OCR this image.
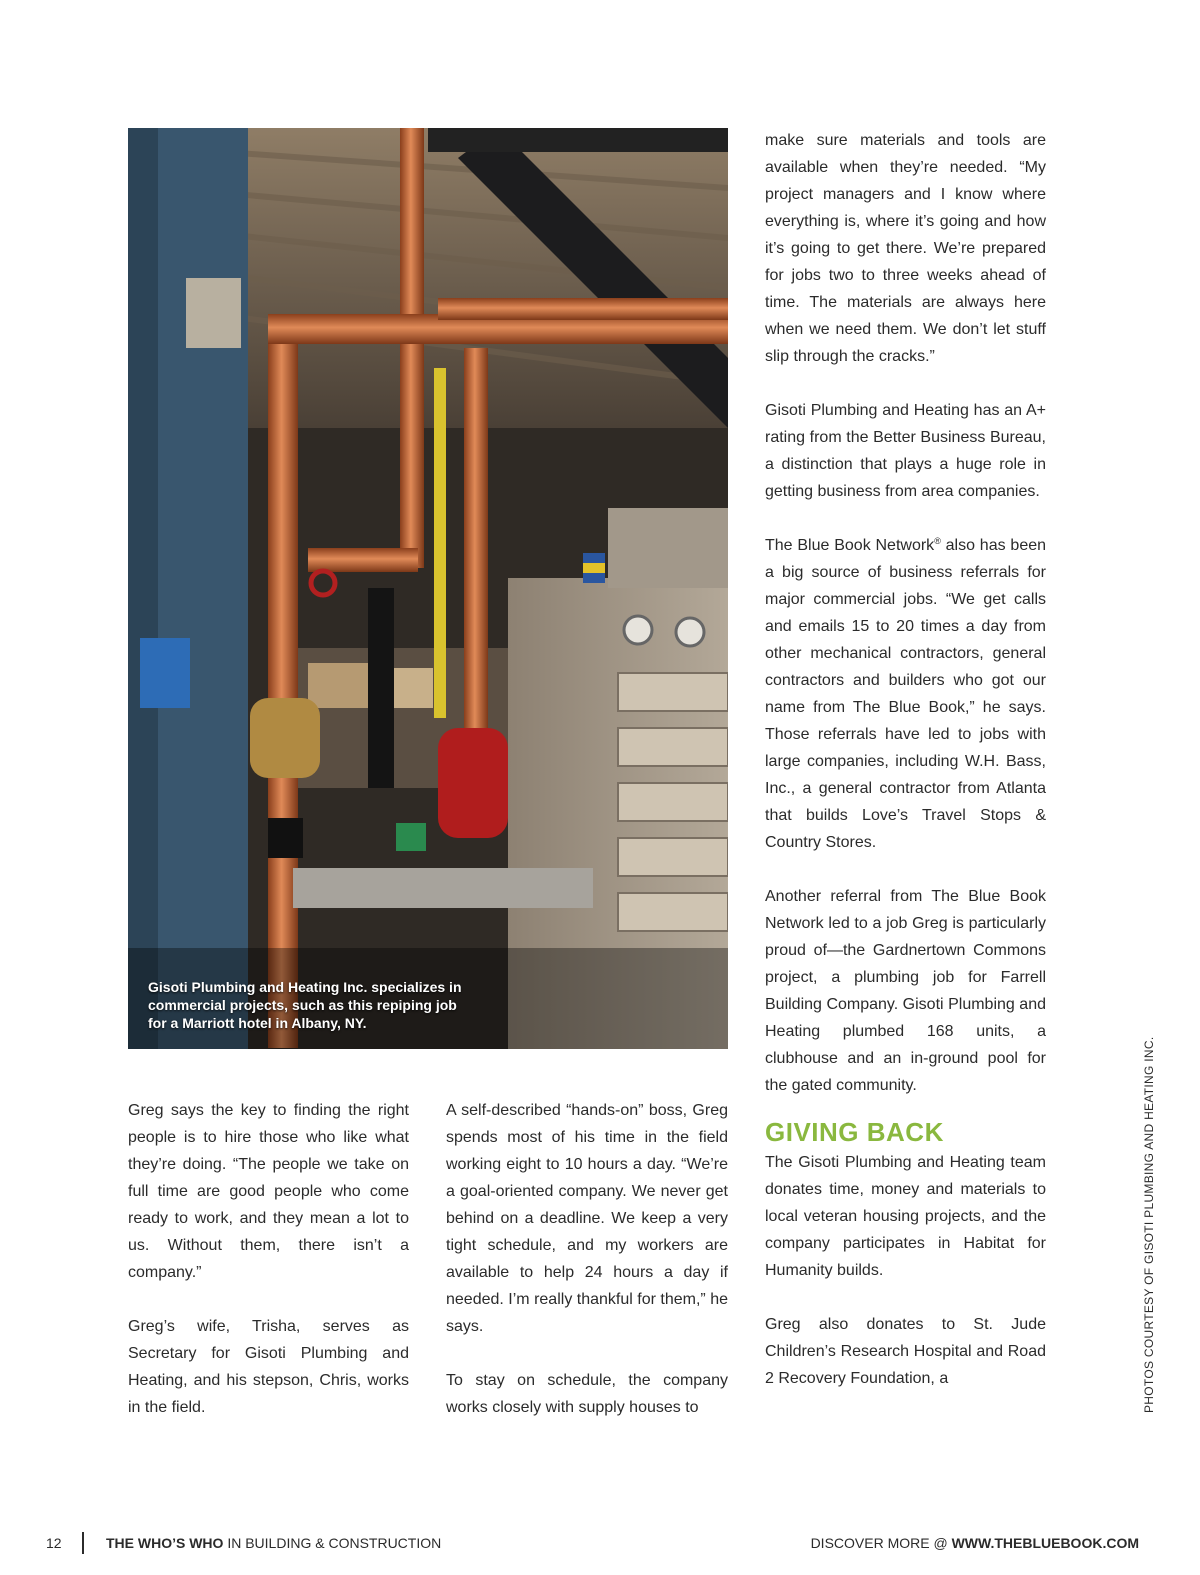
Gisoti Plumbing and Heating Inc. specializes in commercial projects, such as this repiping job for a Marriott hotel in Albany, NY.

Greg says the key to finding the right people is to hire those who like what they’re doing. “The people we take on full time are good people who come ready to work, and they mean a lot to us. Without them, there isn’t a company.”

Greg’s wife, Trisha, serves as Secretary for Gisoti Plumbing and Heating, and his stepson, Chris, works in the field.

A self-described “hands-on” boss, Greg spends most of his time in the field working eight to 10 hours a day. “We’re a goal-oriented company. We never get behind on a deadline. We keep a very tight schedule, and my workers are available to help 24 hours a day if needed. I’m really thankful for them,” he says.

To stay on schedule, the company works closely with supply houses to

make sure materials and tools are available when they’re needed. “My project managers and I know where everything is, where it’s going and how it’s going to get there. We’re prepared for jobs two to three weeks ahead of time. The materials are always here when we need them. We don’t let stuff slip through the cracks.”

Gisoti Plumbing and Heating has an A+ rating from the Better Business Bureau, a distinction that plays a huge role in getting business from area companies.

The Blue Book Network® also has been a big source of business referrals for major commercial jobs. “We get calls and emails 15 to 20 times a day from other mechanical contractors, general contractors and builders who got our name from The Blue Book,” he says. Those referrals have led to jobs with large companies, including W.H. Bass, Inc., a general contractor from Atlanta that builds Love’s Travel Stops & Country Stores.

Another referral from The Blue Book Network led to a job Greg is particularly proud of—the Gardnertown Commons project, a plumbing job for Farrell Building Company. Gisoti Plumbing and Heating plumbed 168 units, a clubhouse and an in-ground pool for the gated community.

GIVING BACK

The Gisoti Plumbing and Heating team donates time, money and materials to local veteran housing projects, and the company participates in Habitat for Humanity builds.

Greg also donates to St. Jude Children’s Research Hospital and Road 2 Recovery Foundation, a	PHOTOS COURTESY OF GISOTI PLUMBING AND HEATING INC.
12	THE WHO’S WHO IN BUILDING & CONSTRUCTION	DISCOVER MORE @ WWW.THEBLUEBOOK.COM
